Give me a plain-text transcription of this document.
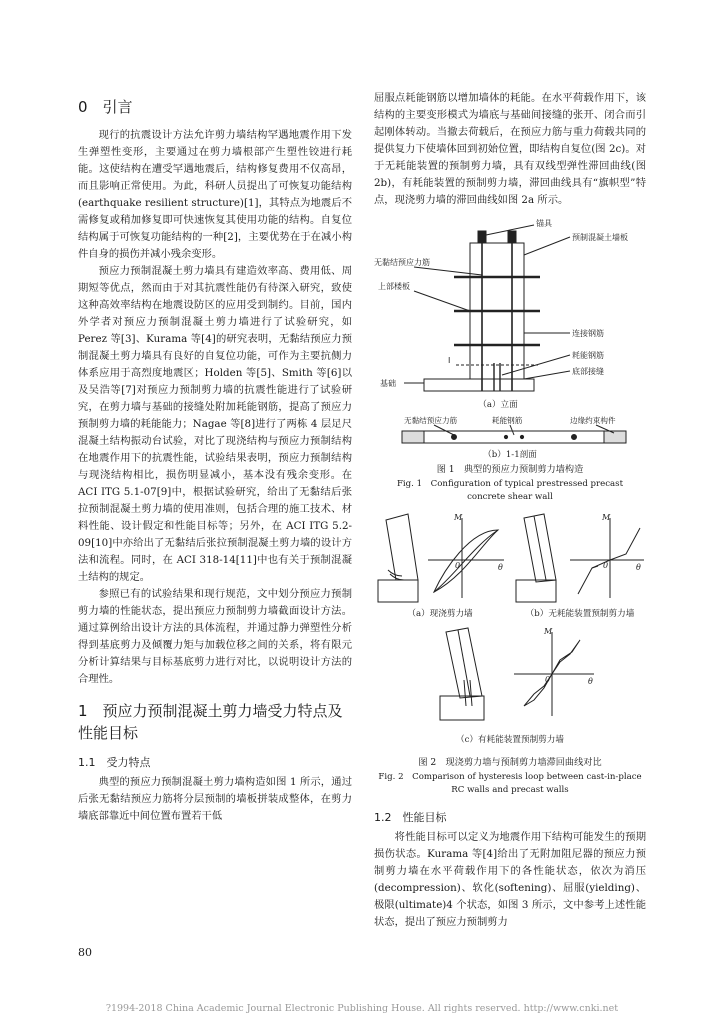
0　引言

现行的抗震设计方法允许剪力墙结构罕遇地震作用下发生弹塑性变形，主要通过在剪力墙根部产生塑性铰进行耗能。这使结构在遭受罕遇地震后，结构修复费用不仅高昂，而且影响正常使用。为此，科研人员提出了可恢复功能结构(earthquake resilient structure)[1]，其特点为地震后不需修复或稍加修复即可快速恢复其使用功能的结构。自复位结构属于可恢复功能结构的一种[2]，主要优势在于在减小构件自身的损伤并减小残余变形。

预应力预制混凝土剪力墙具有建造效率高、费用低、周期短等优点，然而由于对其抗震性能仍有待深入研究，致使这种高效率结构在地震设防区的应用受到制约。目前，国内外学者对预应力预制混凝土剪力墙进行了试验研究，如 Perez 等[3]、Kurama 等[4]的研究表明，无黏结预应力预制混凝土剪力墙具有良好的自复位功能，可作为主要抗侧力体系应用于高烈度地震区；Holden 等[5]、Smith 等[6]以及吴浩等[7]对预应力预制剪力墙的抗震性能进行了试验研究，在剪力墙与基础的接缝处附加耗能钢筋，提高了预应力预制剪力墙的耗能能力；Nagae 等[8]进行了两栋 4 层足尺混凝土结构振动台试验，对比了现浇结构与预应力预制结构在地震作用下的抗震性能，试验结果表明，预应力预制结构与现浇结构相比，损伤明显减小，基本没有残余变形。在 ACI ITG 5.1-07[9]中，根据试验研究，给出了无黏结后张拉预制混凝土剪力墙的使用准则，包括合理的施工技术、材料性能、设计假定和性能目标等；另外，在 ACI ITG 5.2-09[10]中亦给出了无黏结后张拉预制混凝土剪力墙的设计方法和流程。同时，在 ACI 318-14[11]中也有关于预制混凝土结构的规定。

参照已有的试验结果和现行规范，文中划分预应力预制剪力墙的性能状态，提出预应力预制剪力墙截面设计方法。通过算例给出设计方法的具体流程，并通过静力弹塑性分析得到基底剪力及倾覆力矩与加载位移之间的关系，将有限元分析计算结果与目标基底剪力进行对比，以说明设计方法的合理性。

1　预应力预制混凝土剪力墙受力特点及性能目标
1.1　受力特点

典型的预应力预制混凝土剪力墙构造如图 1 所示，通过后张无黏结预应力筋将分层预制的墙板拼装成整体，在剪力墙底部靠近中间位置布置若干低

屈服点耗能钢筋以增加墙体的耗能。在水平荷载作用下，该结构的主要变形模式为墙底与基础间接缝的张开、闭合而引起刚体转动。当撤去荷载后，在预应力筋与重力荷载共同的提供复力下使墙体回到初始位置，即结构自复位(图 2c)。对于无耗能装置的预制剪力墙，具有双线型弹性滞回曲线(图 2b)，有耗能装置的预制剪力墙，滞回曲线具有“旗帜型”特点，现浇剪力墙的滞回曲线如图 2a 所示。

锚具
预制混凝土墙板
无黏结预应力筋
上部楼板
连接钢筋
耗能钢筋
底部接缝
基础
I
（a）立面
无黏结预应力筋	耗能钢筋	边缘约束构件
（b）1-1剖面
图 1　典型的预应力预制剪力墙构造
Fig. 1　Configuration of typical prestressed precast
concrete shear wall
M
θ
0
（a）现浇剪力墙
M
θ
0
（b）无耗能装置预制剪力墙
M
θ
0
（c）有耗能装置预制剪力墙
图 2　现浇剪力墙与预制剪力墙滞回曲线对比
Fig. 2　Comparison of hysteresis loop between cast-in-place
RC walls and precast walls
1.2　性能目标

将性能目标可以定义为地震作用下结构可能发生的预期损伤状态。Kurama 等[4]给出了无附加阻尼器的预应力预制剪力墙在水平荷载作用下的各性能状态，依次为消压(decompression)、软化(softening)、屈服(yielding)、极限(ultimate)4 个状态，如图 3 所示，文中参考上述性能状态，提出了预应力预制剪力

80
?1994-2018 China Academic Journal Electronic Publishing House. All rights reserved. http://www.cnki.net
